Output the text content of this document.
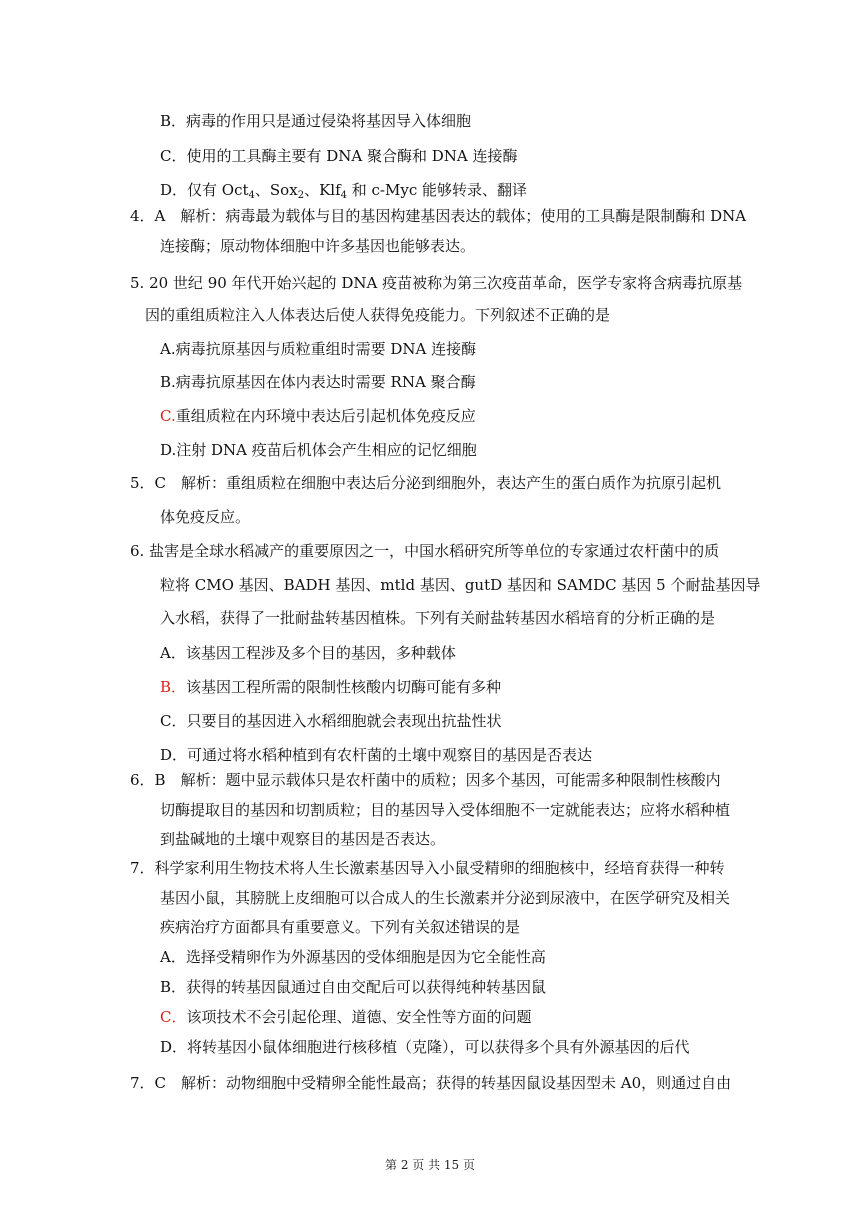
B．病毒的作用只是通过侵染将基因导入体细胞
C．使用的工具酶主要有 DNA 聚合酶和 DNA 连接酶
D．仅有 Oct$_4$、Sox$_2$、Klf$_4$ 和 c-Myc 能够转录、翻译
4．A　解析：病毒最为载体与目的基因构建基因表达的载体；使用的工具酶是限制酶和 DNA
连接酶；原动物体细胞中许多基因也能够表达。
5. 20 世纪 90 年代开始兴起的 DNA 疫苗被称为第三次疫苗革命，医学专家将含病毒抗原基
因的重组质粒注入人体表达后使人获得免疫能力。下列叙述不正确的是
A.病毒抗原基因与质粒重组时需要 DNA 连接酶
B.病毒抗原基因在体内表达时需要 RNA 聚合酶
C.重组质粒在内环境中表达后引起机体免疫反应
D.注射 DNA 疫苗后机体会产生相应的记忆细胞
5．C　解析：重组质粒在细胞中表达后分泌到细胞外，表达产生的蛋白质作为抗原引起机
体免疫反应。
6. 盐害是全球水稻减产的重要原因之一，中国水稻研究所等单位的专家通过农杆菌中的质
粒将 CMO 基因、BADH 基因、mtld 基因、gutD 基因和 SAMDC 基因 5 个耐盐基因导
入水稻，获得了一批耐盐转基因植株。下列有关耐盐转基因水稻培育的分析正确的是
A．该基因工程涉及多个目的基因，多种载体
B．该基因工程所需的限制性核酸内切酶可能有多种
C．只要目的基因进入水稻细胞就会表现出抗盐性状
D．可通过将水稻种植到有农杆菌的土壤中观察目的基因是否表达
6．B　解析：题中显示载体只是农杆菌中的质粒；因多个基因，可能需多种限制性核酸内
切酶提取目的基因和切割质粒；目的基因导入受体细胞不一定就能表达；应将水稻种植
到盐碱地的土壤中观察目的基因是否表达。
7．科学家利用生物技术将人生长激素基因导入小鼠受精卵的细胞核中，经培育获得一种转
基因小鼠，其膀胱上皮细胞可以合成人的生长激素并分泌到尿液中，在医学研究及相关
疾病治疗方面都具有重要意义。下列有关叙述错误的是
A．选择受精卵作为外源基因的受体细胞是因为它全能性高
B．获得的转基因鼠通过自由交配后可以获得纯种转基因鼠
C．该项技术不会引起伦理、道德、安全性等方面的问题
D．将转基因小鼠体细胞进行核移植（克隆），可以获得多个具有外源基因的后代
7．C　解析：动物细胞中受精卵全能性最高；获得的转基因鼠设基因型未 A0，则通过自由
第 2 页 共 15 页
